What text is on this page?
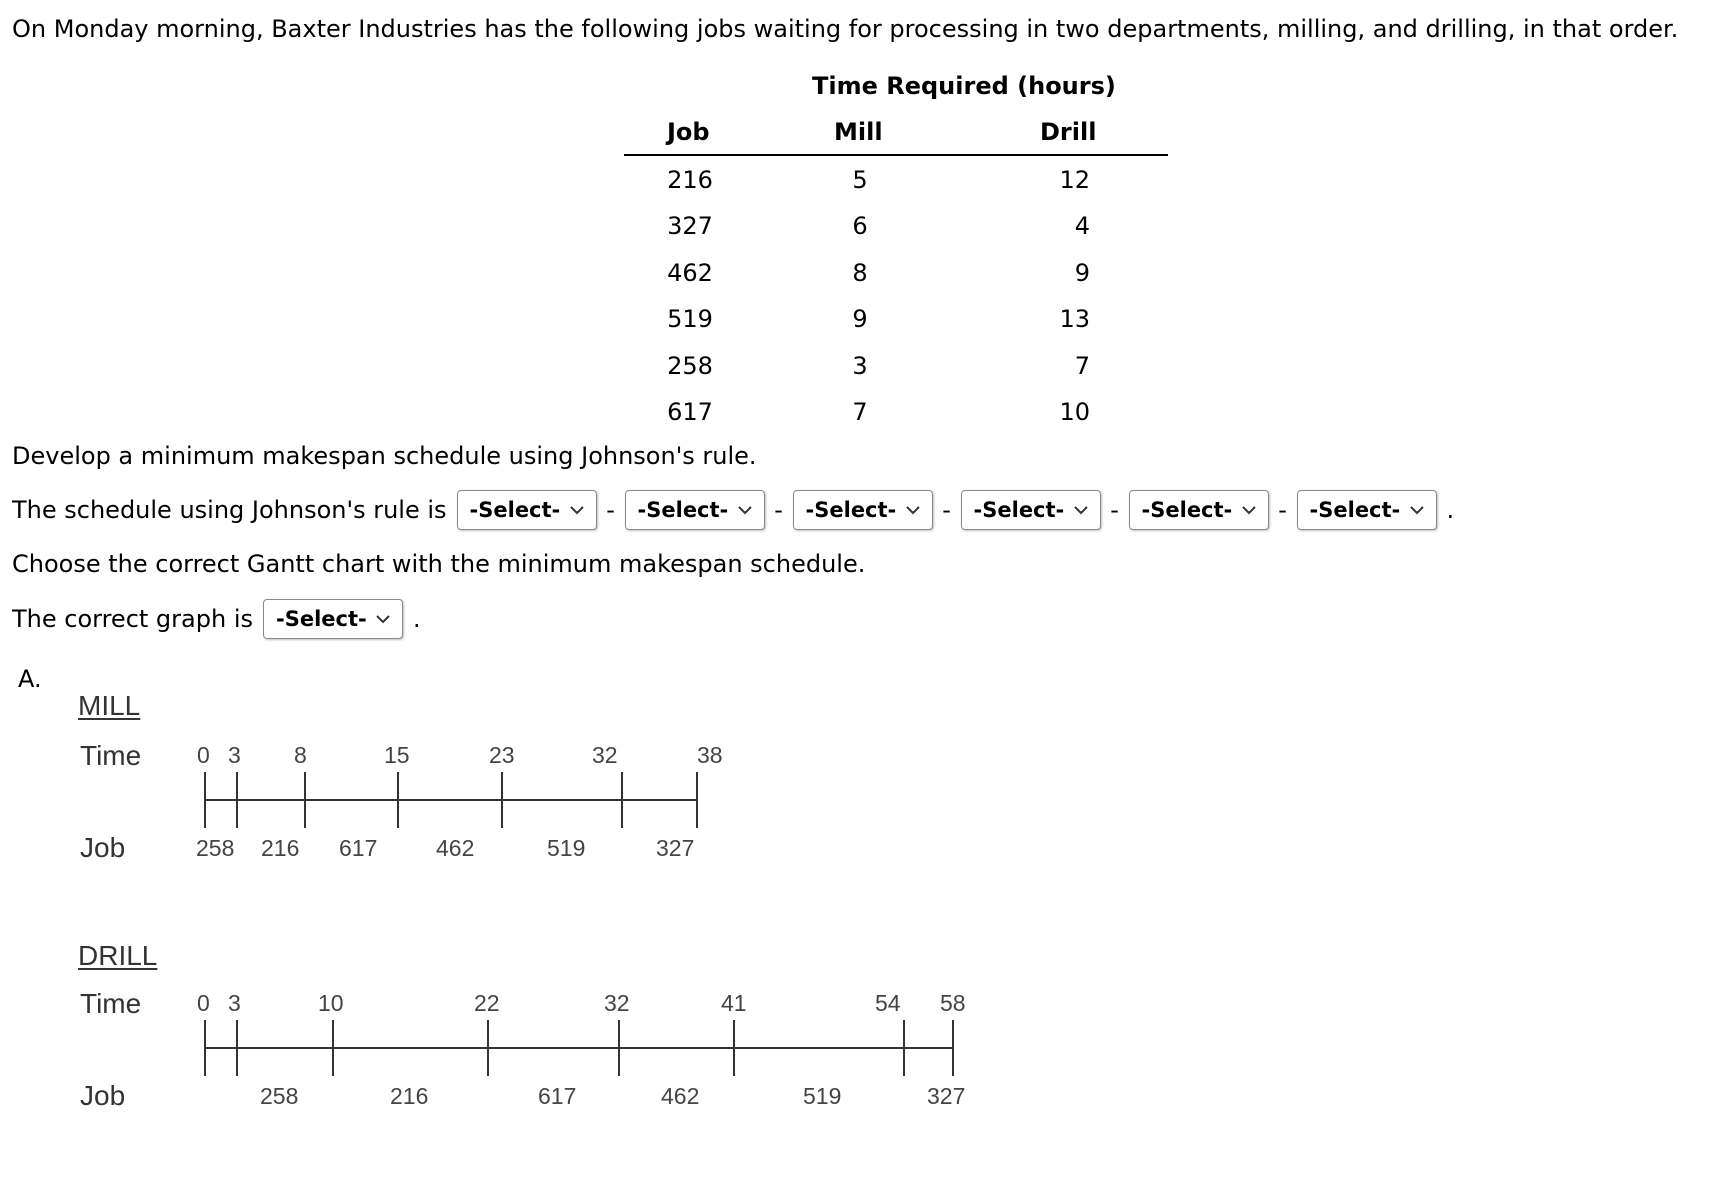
On Monday morning, Baxter Industries has the following jobs waiting for processing in two departments, milling, and drilling, in that order.
Time Required (hours)
Job	Mill	Drill
216	5	12
327	6	4
462	8	9
519	9	13
258	3	7
617	7	10
Develop a minimum makespan schedule using Johnson's rule.
The schedule using Johnson's rule is -Select-	-	-Select-	-	-Select-	-	-Select-	-	-Select-	-	-Select- .
Choose the correct Gantt chart with the minimum makespan schedule.
The correct graph is -Select- .
A.
MILL
Time
Job
DRILL
Time
Job
0 3 8	15	23	32	38
258 216 617	462	519	327
0 3	10	22	32	41	54 58
258	216	617	462	519	327
